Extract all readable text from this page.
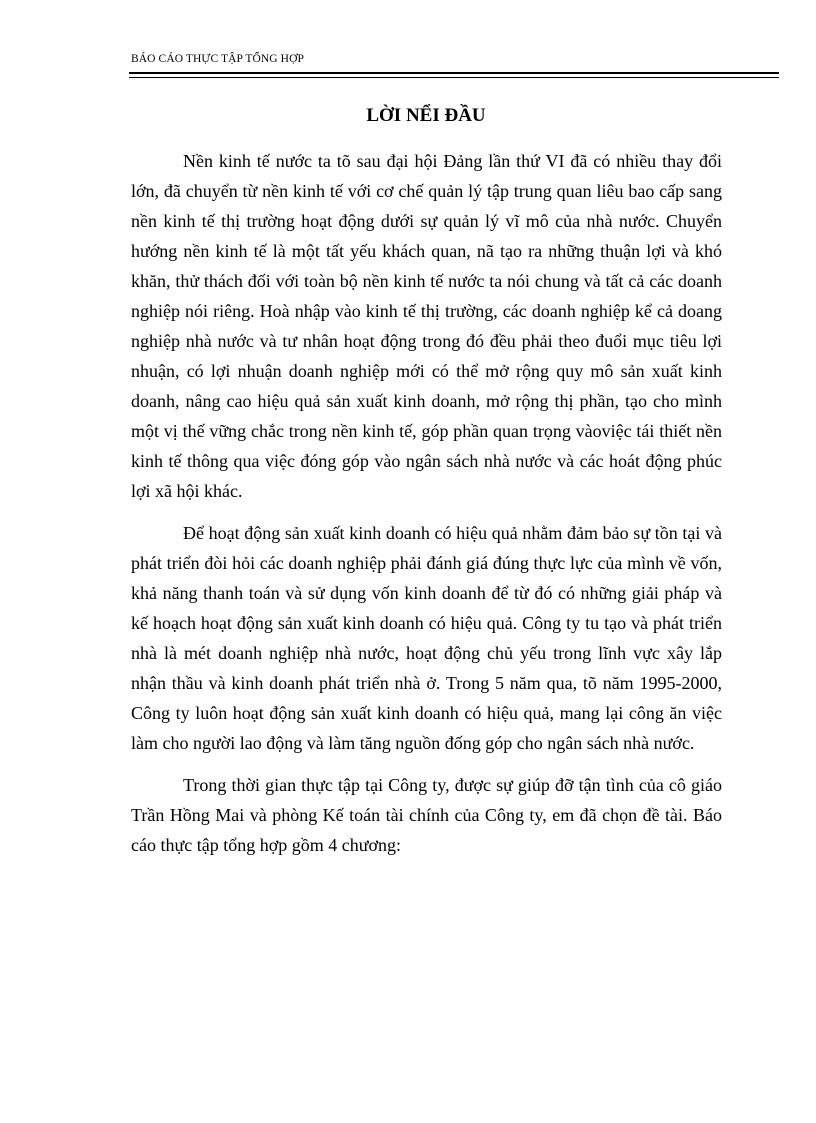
BÁO CÁO THỰC TẬP TỔNG HỢP
LỜI NỂI ĐẦU

Nền kinh tế nước ta tõ sau đại hội Đảng lần thứ VI đã có nhiều thay đổi lớn, đã chuyển từ nền kinh tế với cơ chế quản lý tập trung quan liêu bao cấp sang nền kinh tế thị trường hoạt động dưới sự quản lý vĩ mô của nhà nước. Chuyển hướng nền kinh tế là một tất yếu khách quan, nã tạo ra những thuận lợi và khó khăn, thử thách đối với toàn bộ nền kinh tế nước ta nói chung và tất cả các doanh nghiệp nói riêng. Hoà nhập vào kinh tế thị trường, các doanh nghiệp kể cả doang nghiệp nhà nước và tư nhân hoạt động trong đó đều phải theo đuổi mục tiêu lợi nhuận, có lợi nhuận doanh nghiệp mới có thể mở rộng quy mô sản xuất kinh doanh, nâng cao hiệu quả sản xuất kinh doanh, mở rộng thị phần, tạo cho mình một vị thế vững chắc trong nền kinh tế, góp phần quan trọng vàoviệc tái thiết nền kinh tế thông qua việc đóng góp vào ngân sách nhà nước và các hoát động phúc lợi xã hội khác.

Để hoạt động sản xuất kinh doanh có hiệu quả nhằm đảm bảo sự tồn tại và phát triển đòi hỏi các doanh nghiệp phải đánh giá đúng thực lực của mình về vốn, khả năng thanh toán và sử dụng vốn kinh doanh để từ đó có những giải pháp và kế hoạch hoạt động sản xuất kinh doanh có hiệu quả. Công ty tu tạo và phát triển nhà là mét doanh nghiệp nhà nước, hoạt động chủ yếu trong lĩnh vực xây lắp nhận thầu và kinh doanh phát triển nhà ở. Trong 5 năm qua, tõ năm 1995-2000, Công ty luôn hoạt động sản xuất kinh doanh có hiệu quả, mang lại công ăn việc làm cho người lao động và làm tăng nguồn đống góp cho ngân sách nhà nước.

Trong thời gian thực tập tại Công ty, được sự giúp đỡ tận tình của cô giáo Trần Hồng Mai và phòng Kế toán tài chính của Công ty, em đã chọn đề tài. Báo cáo thực tập tổng hợp gồm 4 chương:
